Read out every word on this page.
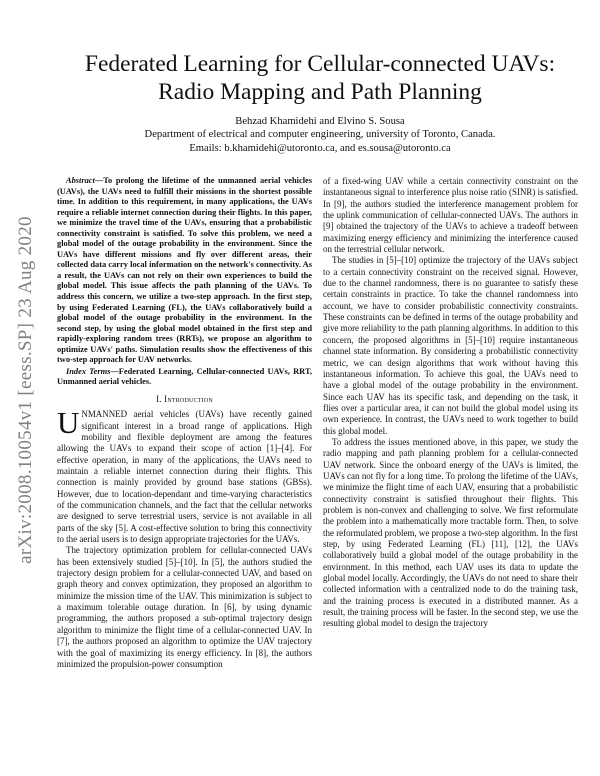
arXiv:2008.10054v1 [eess.SP] 23 Aug 2020
Federated Learning for Cellular-connected UAVs:
Radio Mapping and Path Planning
Behzad Khamidehi and Elvino S. Sousa
Department of electrical and computer engineering, university of Toronto, Canada.
Emails: b.khamidehi@utoronto.ca, and es.sousa@utoronto.ca

Abstract—To prolong the lifetime of the unmanned aerial vehicles (UAVs), the UAVs need to fulfill their missions in the shortest possible time. In addition to this requirement, in many applications, the UAVs require a reliable internet connection during their flights. In this paper, we minimize the travel time of the UAVs, ensuring that a probabilistic connectivity constraint is satisfied. To solve this problem, we need a global model of the outage probability in the environment. Since the UAVs have different missions and fly over different areas, their collected data carry local information on the network's connectivity. As a result, the UAVs can not rely on their own experiences to build the global model. This issue affects the path planning of the UAVs. To address this concern, we utilize a two-step approach. In the first step, by using Federated Learning (FL), the UAVs collaboratively build a global model of the outage probability in the environment. In the second step, by using the global model obtained in the first step and rapidly-exploring random trees (RRTs), we propose an algorithm to optimize UAVs' paths. Simulation results show the effectiveness of this two-step approach for UAV networks.

Index Terms—Federated Learning, Cellular-connected UAVs, RRT, Unmanned aerial vehicles.

I. Introduction

UNMANNED aerial vehicles (UAVs) have recently gained significant interest in a broad range of applications. High mobility and flexible deployment are among the features allowing the UAVs to expand their scope of action [1]–[4]. For effective operation, in many of the applications, the UAVs need to maintain a reliable internet connection during their flights. This connection is mainly provided by ground base stations (GBSs). However, due to location-dependant and time-varying characteristics of the communication channels, and the fact that the cellular networks are designed to serve terrestrial users, service is not available in all parts of the sky [5]. A cost-effective solution to bring this connectivity to the aerial users is to design appropriate trajectories for the UAVs.

The trajectory optimization problem for cellular-connected UAVs has been extensively studied [5]–[10]. In [5], the authors studied the trajectory design problem for a cellular-connected UAV, and based on graph theory and convex optimization, they proposed an algorithm to minimize the mission time of the UAV. This minimization is subject to a maximum tolerable outage duration. In [6], by using dynamic programming, the authors proposed a sub-optimal trajectory design algorithm to minimize the flight time of a cellular-connected UAV. In [7], the authors proposed an algorithm to optimize the UAV trajectory with the goal of maximizing its energy efficiency. In [8], the authors minimized the propulsion-power consumption

of a fixed-wing UAV while a certain connectivity constraint on the instantaneous signal to interference plus noise ratio (SINR) is satisfied. In [9], the authors studied the interference management problem for the uplink communication of cellular-connected UAVs. The authors in [9] obtained the trajectory of the UAVs to achieve a tradeoff between maximizing energy efficiency and minimizing the interference caused on the terrestrial cellular network.

The studies in [5]–[10] optimize the trajectory of the UAVs subject to a certain connectivity constraint on the received signal. However, due to the channel randomness, there is no guarantee to satisfy these certain constraints in practice. To take the channel randomness into account, we have to consider probabilistic connectivity constraints. These constraints can be defined in terms of the outage probability and give more reliability to the path planning algorithms. In addition to this concern, the proposed algorithms in [5]–[10] require instantaneous channel state information. By considering a probabilistic connectivity metric, we can design algorithms that work without having this instantaneous information. To achieve this goal, the UAVs need to have a global model of the outage probability in the environment. Since each UAV has its specific task, and depending on the task, it flies over a particular area, it can not build the global model using its own experience. In contrast, the UAVs need to work together to build this global model.

To address the issues mentioned above, in this paper, we study the radio mapping and path planning problem for a cellular-connected UAV network. Since the onboard energy of the UAVs is limited, the UAVs can not fly for a long time. To prolong the lifetime of the UAVs, we minimize the flight time of each UAV, ensuring that a probabilistic connectivity constraint is satisfied throughout their flights. This problem is non-convex and challenging to solve. We first reformulate the problem into a mathematically more tractable form. Then, to solve the reformulated problem, we propose a two-step algorithm. In the first step, by using Federated Learning (FL) [11], [12], the UAVs collaboratively build a global model of the outage probability in the environment. In this method, each UAV uses its data to update the global model locally. Accordingly, the UAVs do not need to share their collected information with a centralized node to do the training task, and the training process is executed in a distributed manner. As a result, the training process will be faster. In the second step, we use the resulting global model to design the trajectory
